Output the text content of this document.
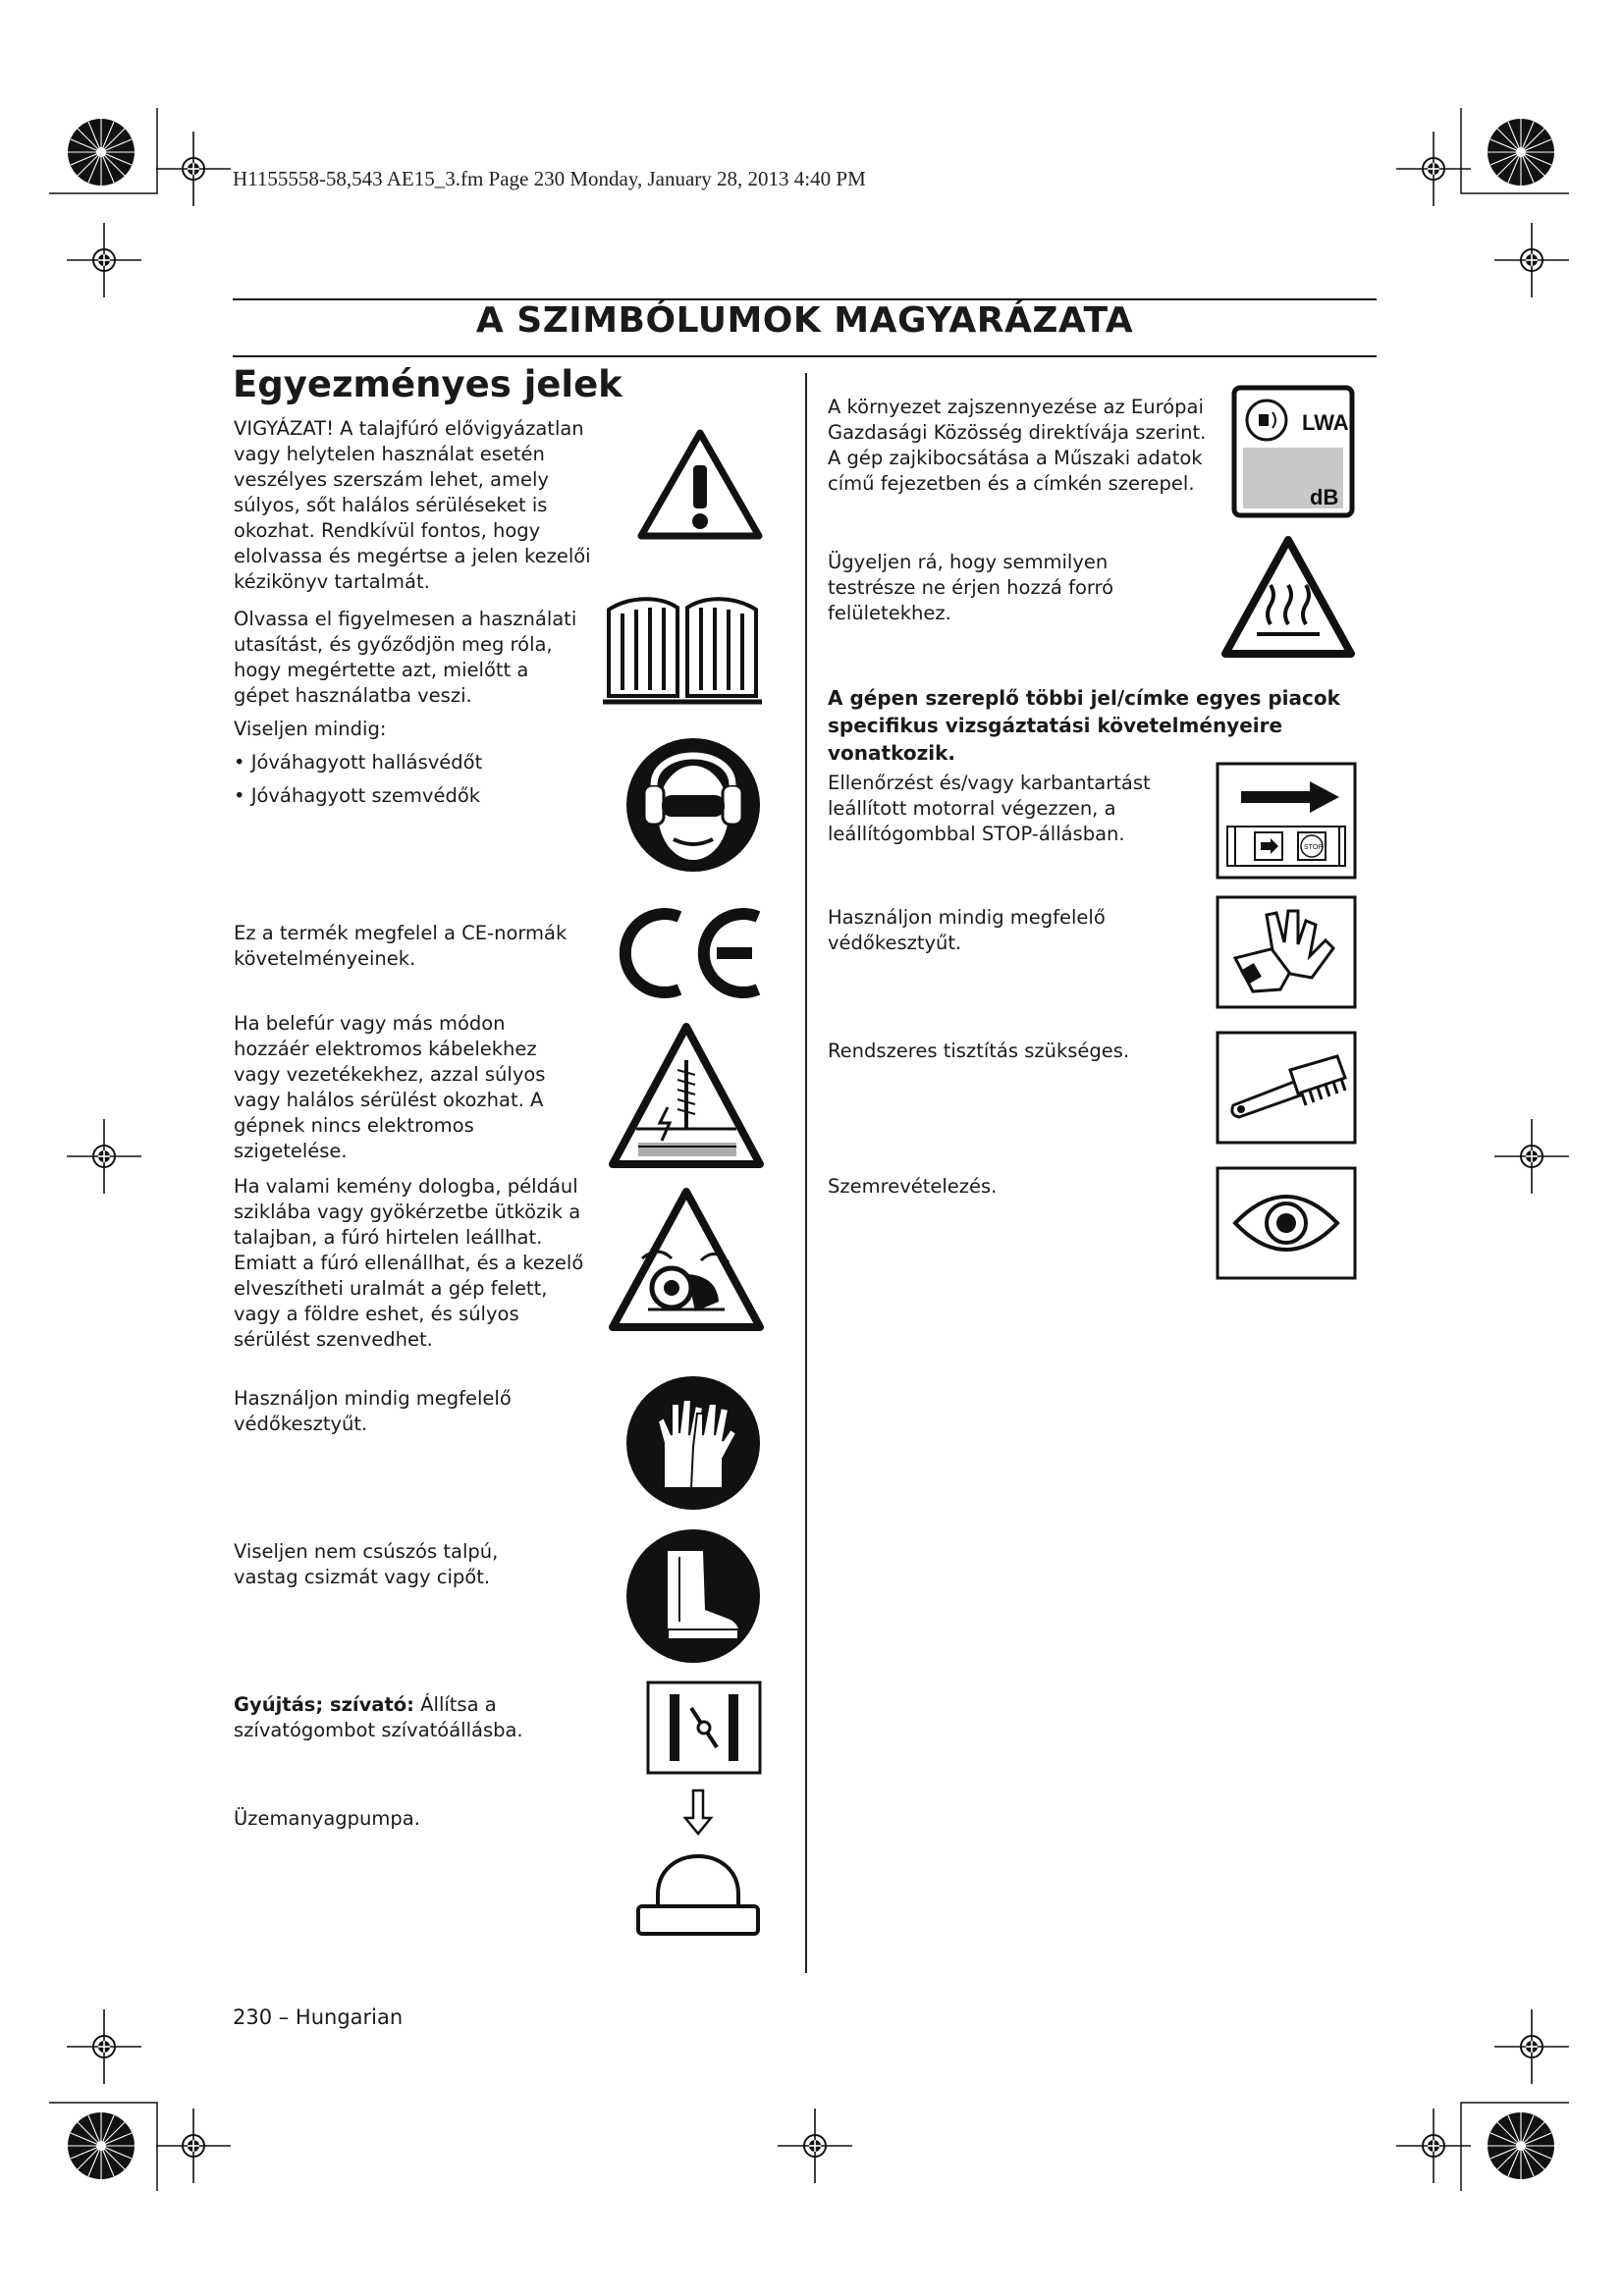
H1155558-58,543 AE15_3.fm Page 230 Monday, January 28, 2013 4:40 PM
A SZIMBÓLUMOK MAGYARÁZATA
Egyezményes jelek

VIGYÁZAT! A talajfúró elővigyázatlan vagy helytelen használat esetén veszélyes szerszám lehet, amely súlyos, sőt halálos sérüléseket is okozhat. Rendkívül fontos, hogy elolvassa és megértse a jelen kezelői kézikönyv tartalmát.

Olvassa el figyelmesen a használati utasítást, és győződjön meg róla, hogy megértette azt, mielőtt a gépet használatba veszi.

Viseljen mindig:

• Jóváhagyott hallásvédőt

• Jóváhagyott szemvédők

Ez a termék megfelel a CE-normák követelményeinek.

Ha belefúr vagy más módon hozzáér elektromos kábelekhez vagy vezetékekhez, azzal súlyos vagy halálos sérülést okozhat. A gépnek nincs elektromos szigetelése.

Ha valami kemény dologba, például sziklába vagy gyökérzetbe ütközik a talajban, a fúró hirtelen leállhat. Emiatt a fúró ellenállhat, és a kezelő elveszítheti uralmát a gép felett, vagy a földre eshet, és súlyos sérülést szenvedhet.

Használjon mindig megfelelő védőkesztyűt.

Viseljen nem csúszós talpú, vastag csizmát vagy cipőt.

Gyújtás; szívató: Állítsa a szívatógombot szívatóállásba.

Üzemanyagpumpa.

A környezet zajszennyezése az Európai Gazdasági Közösség direktívája szerint. A gép zajkibocsátása a Műszaki adatok című fejezetben és a címkén szerepel.

Ügyeljen rá, hogy semmilyen testrésze ne érjen hozzá forró felületekhez.

A gépen szereplő többi jel/címke egyes piacok specifikus vizsgáztatási követelményeire vonatkozik.

Ellenőrzést és/vagy karbantartást leállított motorral végezzen, a leállítógombbal STOP-állásban.

Használjon mindig megfelelő védőkesztyűt.

Rendszeres tisztítás szükséges.

Szemrevételezés.

LWA
dB
STOP
230 – Hungarian
